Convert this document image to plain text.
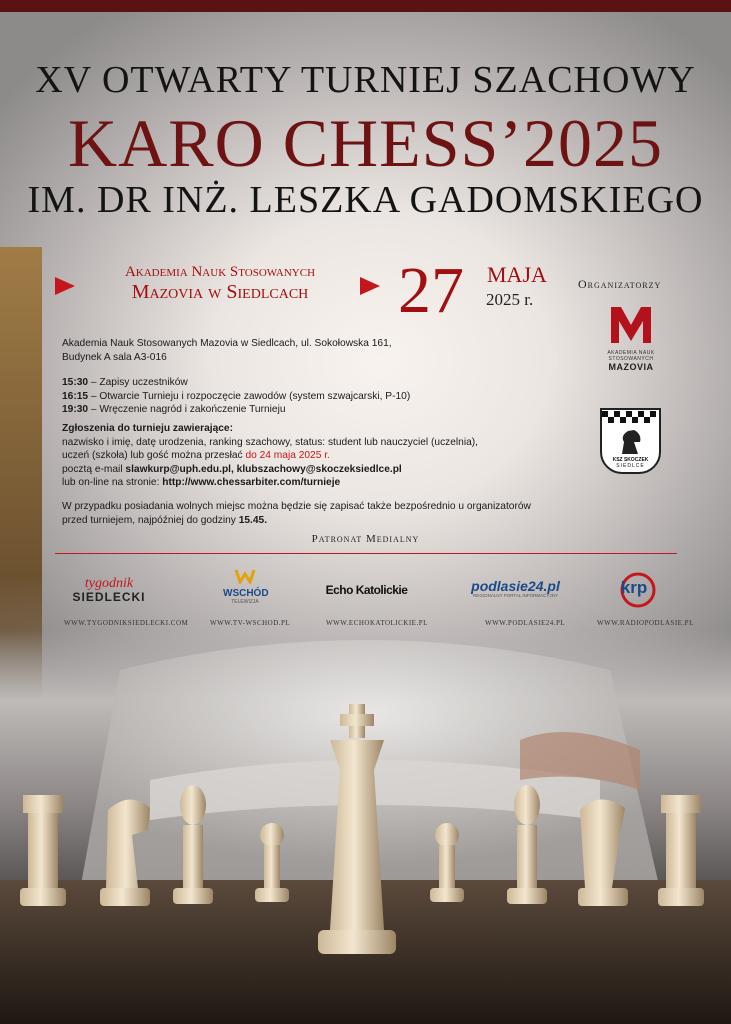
XV OTWARTY TURNIEJ SZACHOWY
KARO CHESS’2025
IM. DR INŻ. LESZKA GADOMSKIEGO
Akademia Nauk Stosowanych
Mazovia w Siedlcach	27 MAJA
2025 r.
Organizatorzy
AKADEMIA NAUK
STOSOWANYCH
MAZOVIA

KSZ SKOCZEK
SIEDLCE
Akademia Nauk Stosowanych Mazovia w Siedlcach, ul. Sokołowska 161,
Budynek A sala A3-016
15:30 – Zapisy uczestników
16:15 – Otwarcie Turnieju i rozpoczęcie zawodów (system szwajcarski, P-10)
19:30 – Wręczenie nagród i zakończenie Turnieju
Zgłoszenia do turnieju zawierające:
nazwisko i imię, datę urodzenia, ranking szachowy, status: student lub nauczyciel (uczelnia),
uczeń (szkoła) lub gość można przesłać do 24 maja 2025 r.
pocztą e-mail slawkurp@uph.edu.pl, klubszachowy@skoczeksiedlce.pl
lub on-line na stronie: http://www.chessarbiter.com/turnieje
W przypadku posiadania wolnych miejsc można będzie się zapisać także bezpośrednio u organizatorów
przed turniejem, najpóźniej do godziny 15.45.
Patronat Medialny
tygodnik
SIEDLECKI	WSCHÓD
TELEWIZJA
Echo Katolickie	podlasie24.pl
REGIONALNY PORTAL INFORMACYJNY	krp
WWW.TYGODNIKSIEDLECKI.COM	WWW.TV-WSCHOD.PL	WWW.ECHOKATOLICKIE.PL	WWW.PODLASIE24.PL	WWW.RADIOPODLASIE.PL
